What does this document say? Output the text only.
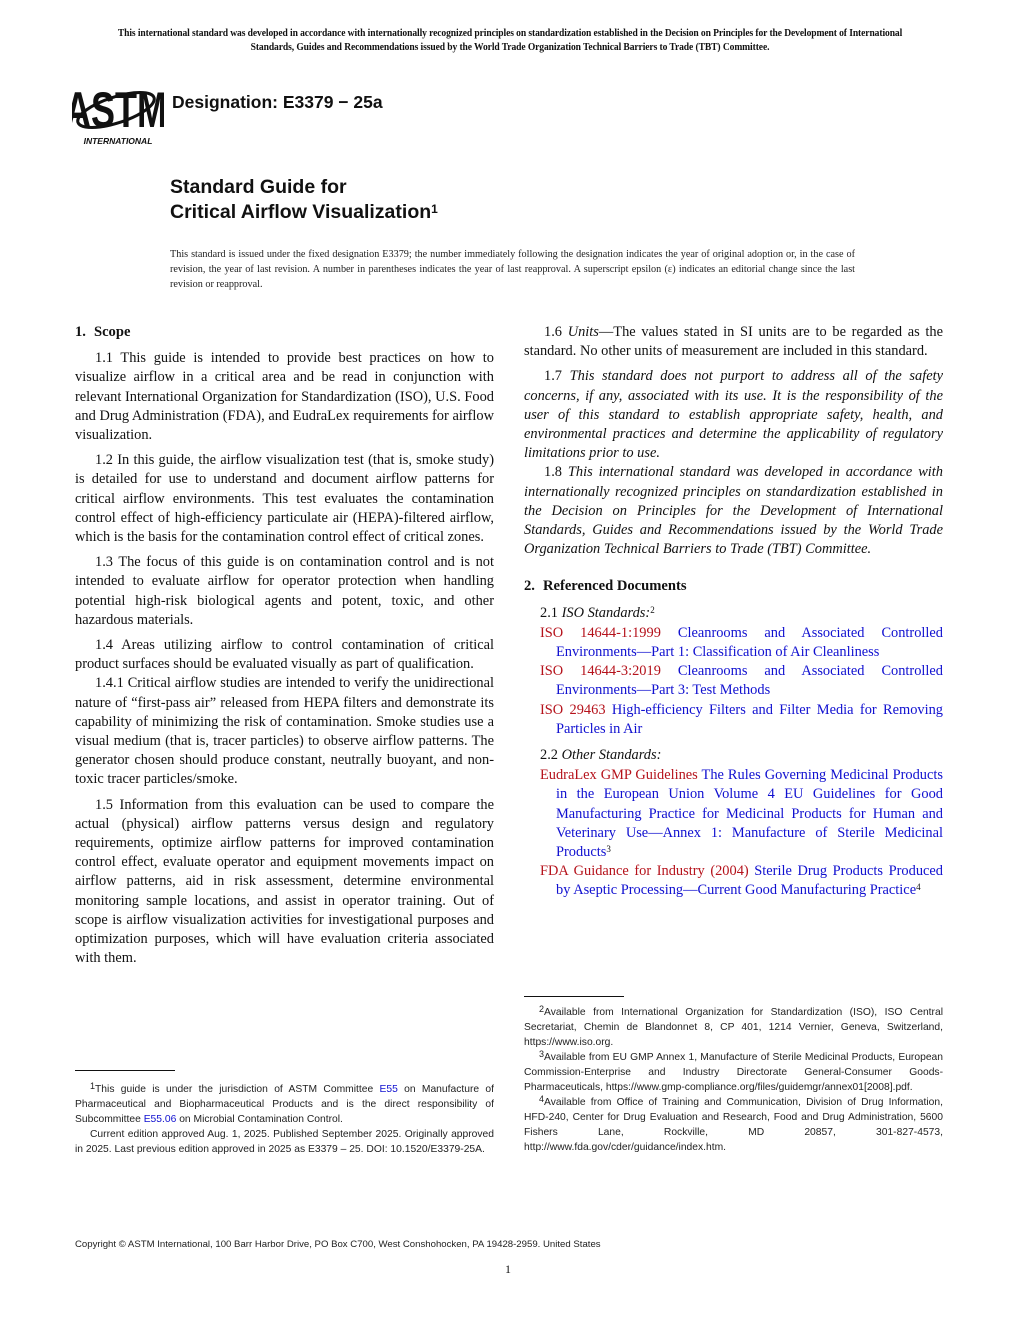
This international standard was developed in accordance with internationally recognized principles on standardization established in the Decision on Principles for the Development of International Standards, Guides and Recommendations issued by the World Trade Organization Technical Barriers to Trade (TBT) Committee.
ASTM
INTERNATIONAL
Designation: E3379 − 25a
Standard Guide for
Critical Airflow Visualization$^1$
This standard is issued under the fixed designation E3379; the number immediately following the designation indicates the year of original adoption or, in the case of revision, the year of last revision. A number in parentheses indicates the year of last reapproval. A superscript epsilon (ε) indicates an editorial change since the last revision or reapproval.
1. Scope

1.1 This guide is intended to provide best practices on how to visualize airflow in a critical area and be read in conjunction with relevant International Organization for Standardization (ISO), U.S. Food and Drug Administration (FDA), and EudraLex requirements for airflow visualization.

1.2 In this guide, the airflow visualization test (that is, smoke study) is detailed for use to understand and document airflow patterns for critical airflow environments. This test evaluates the contamination control effect of high-efficiency particulate air (HEPA)-filtered airflow, which is the basis for the contamination control effect of critical zones.

1.3 The focus of this guide is on contamination control and is not intended to evaluate airflow for operator protection when handling potential high-risk biological agents and potent, toxic, and other hazardous materials.

1.4 Areas utilizing airflow to control contamination of critical product surfaces should be evaluated visually as part of qualification.

1.4.1 Critical airflow studies are intended to verify the unidirectional nature of “first-pass air” released from HEPA filters and demonstrate its capability of minimizing the risk of contamination. Smoke studies use a visual medium (that is, tracer particles) to observe airflow patterns. The generator chosen should produce constant, neutrally buoyant, and non-toxic tracer particles/smoke.

1.5 Information from this evaluation can be used to compare the actual (physical) airflow patterns versus design and regulatory requirements, optimize airflow patterns for improved contamination control effect, evaluate operator and equipment movements impact on airflow patterns, aid in risk assessment, determine environmental monitoring sample locations, and assist in operator training. Out of scope is airflow visualization activities for investigational purposes and optimization purposes, which will have evaluation criteria associated with them.

1.6 Units—The values stated in SI units are to be regarded as the standard. No other units of measurement are included in this standard.

1.7 This standard does not purport to address all of the safety concerns, if any, associated with its use. It is the responsibility of the user of this standard to establish appropriate safety, health, and environmental practices and determine the applicability of regulatory limitations prior to use.

1.8 This international standard was developed in accordance with internationally recognized principles on standardization established in the Decision on Principles for the Development of International Standards, Guides and Recommendations issued by the World Trade Organization Technical Barriers to Trade (TBT) Committee.

2. Referenced Documents

2.1 ISO Standards:$^2$

ISO 14644-1:1999 Cleanrooms and Associated Controlled Environments—Part 1: Classification of Air Cleanliness
ISO 14644-3:2019 Cleanrooms and Associated Controlled Environments—Part 3: Test Methods
ISO 29463 High-efficiency Filters and Filter Media for Removing Particles in Air

2.2 Other Standards:

EudraLex GMP Guidelines The Rules Governing Medicinal Products in the European Union Volume 4 EU Guidelines for Good Manufacturing Practice for Medicinal Products for Human and Veterinary Use—Annex 1: Manufacture of Sterile Medicinal Products$^3$
FDA Guidance for Industry (2004) Sterile Drug Products Produced by Aseptic Processing—Current Good Manufacturing Practice$^4$

$^1$This guide is under the jurisdiction of ASTM Committee E55 on Manufacture of Pharmaceutical and Biopharmaceutical Products and is the direct responsibility of Subcommittee E55.06 on Microbial Contamination Control.

Current edition approved Aug. 1, 2025. Published September 2025. Originally approved in 2025. Last previous edition approved in 2025 as E3379 – 25. DOI: 10.1520/E3379-25A.

$^2$Available from International Organization for Standardization (ISO), ISO Central Secretariat, Chemin de Blandonnet 8, CP 401, 1214 Vernier, Geneva, Switzerland, https://www.iso.org.

$^3$Available from EU GMP Annex 1, Manufacture of Sterile Medicinal Products, European Commission-Enterprise and Industry Directorate General-Consumer Goods-Pharmaceuticals, https://www.gmp-compliance.org/files/guidemgr/annex01[2008].pdf.

$^4$Available from Office of Training and Communication, Division of Drug Information, HFD-240, Center for Drug Evaluation and Research, Food and Drug Administration, 5600 Fishers Lane, Rockville, MD 20857, 301-827-4573, http://www.fda.gov/cder/guidance/index.htm.

Copyright © ASTM International, 100 Barr Harbor Drive, PO Box C700, West Conshohocken, PA 19428-2959. United States
1
